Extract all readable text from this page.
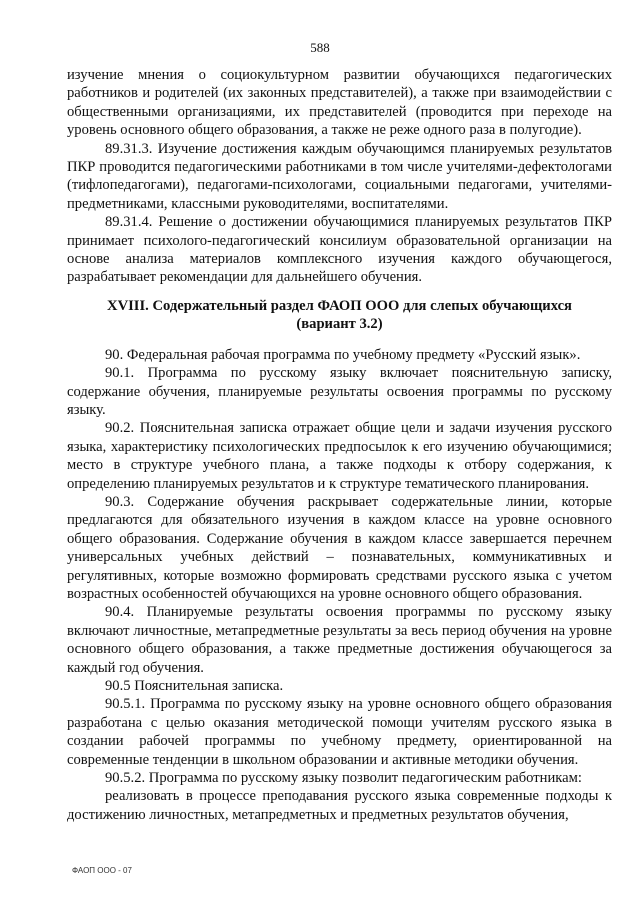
588

изучение мнения о социокультурном развитии обучающихся педагогических работников и родителей (их законных представителей), а также при взаимодействии с общественными организациями, их представителей (проводится при переходе на уровень основного общего образования, а также не реже одного раза в полугодие).

89.31.3. Изучение достижения каждым обучающимся планируемых результатов ПКР проводится педагогическими работниками в том числе учителями-дефектологами (тифлопедагогами), педагогами-психологами, социальными педагогами, учителями-предметниками, классными руководителями, воспитателями.

89.31.4. Решение о достижении обучающимися планируемых результатов ПКР принимает психолого-педагогический консилиум образовательной организации на основе анализа материалов комплексного изучения каждого обучающегося, разрабатывает рекомендации для дальнейшего обучения.

XVIII. Содержательный раздел ФАОП ООО для слепых обучающихся
(вариант 3.2)

90. Федеральная рабочая программа по учебному предмету «Русский язык».

90.1. Программа по русскому языку включает пояснительную записку, содержание обучения, планируемые результаты освоения программы по русскому языку.

90.2. Пояснительная записка отражает общие цели и задачи изучения русского языка, характеристику психологических предпосылок к его изучению обучающимися; место в структуре учебного плана, а также подходы к отбору содержания, к определению планируемых результатов и к структуре тематического планирования.

90.3. Содержание обучения раскрывает содержательные линии, которые предлагаются для обязательного изучения в каждом классе на уровне основного общего образования. Содержание обучения в каждом классе завершается перечнем универсальных учебных действий – познавательных, коммуникативных и регулятивных, которые возможно формировать средствами русского языка с учетом возрастных особенностей обучающихся на уровне основного общего образования.

90.4. Планируемые результаты освоения программы по русскому языку включают личностные, метапредметные результаты за весь период обучения на уровне основного общего образования, а также предметные достижения обучающегося за каждый год обучения.

90.5 Пояснительная записка.

90.5.1. Программа по русскому языку на уровне основного общего образования разработана с целью оказания методической помощи учителям русского языка в создании рабочей программы по учебному предмету, ориентированной на современные тенденции в школьном образовании и активные методики обучения.

90.5.2. Программа по русскому языку позволит педагогическим работникам:

реализовать в процессе преподавания русского языка современные подходы к достижению личностных, метапредметных и предметных результатов обучения,

ФАОП ООО - 07
